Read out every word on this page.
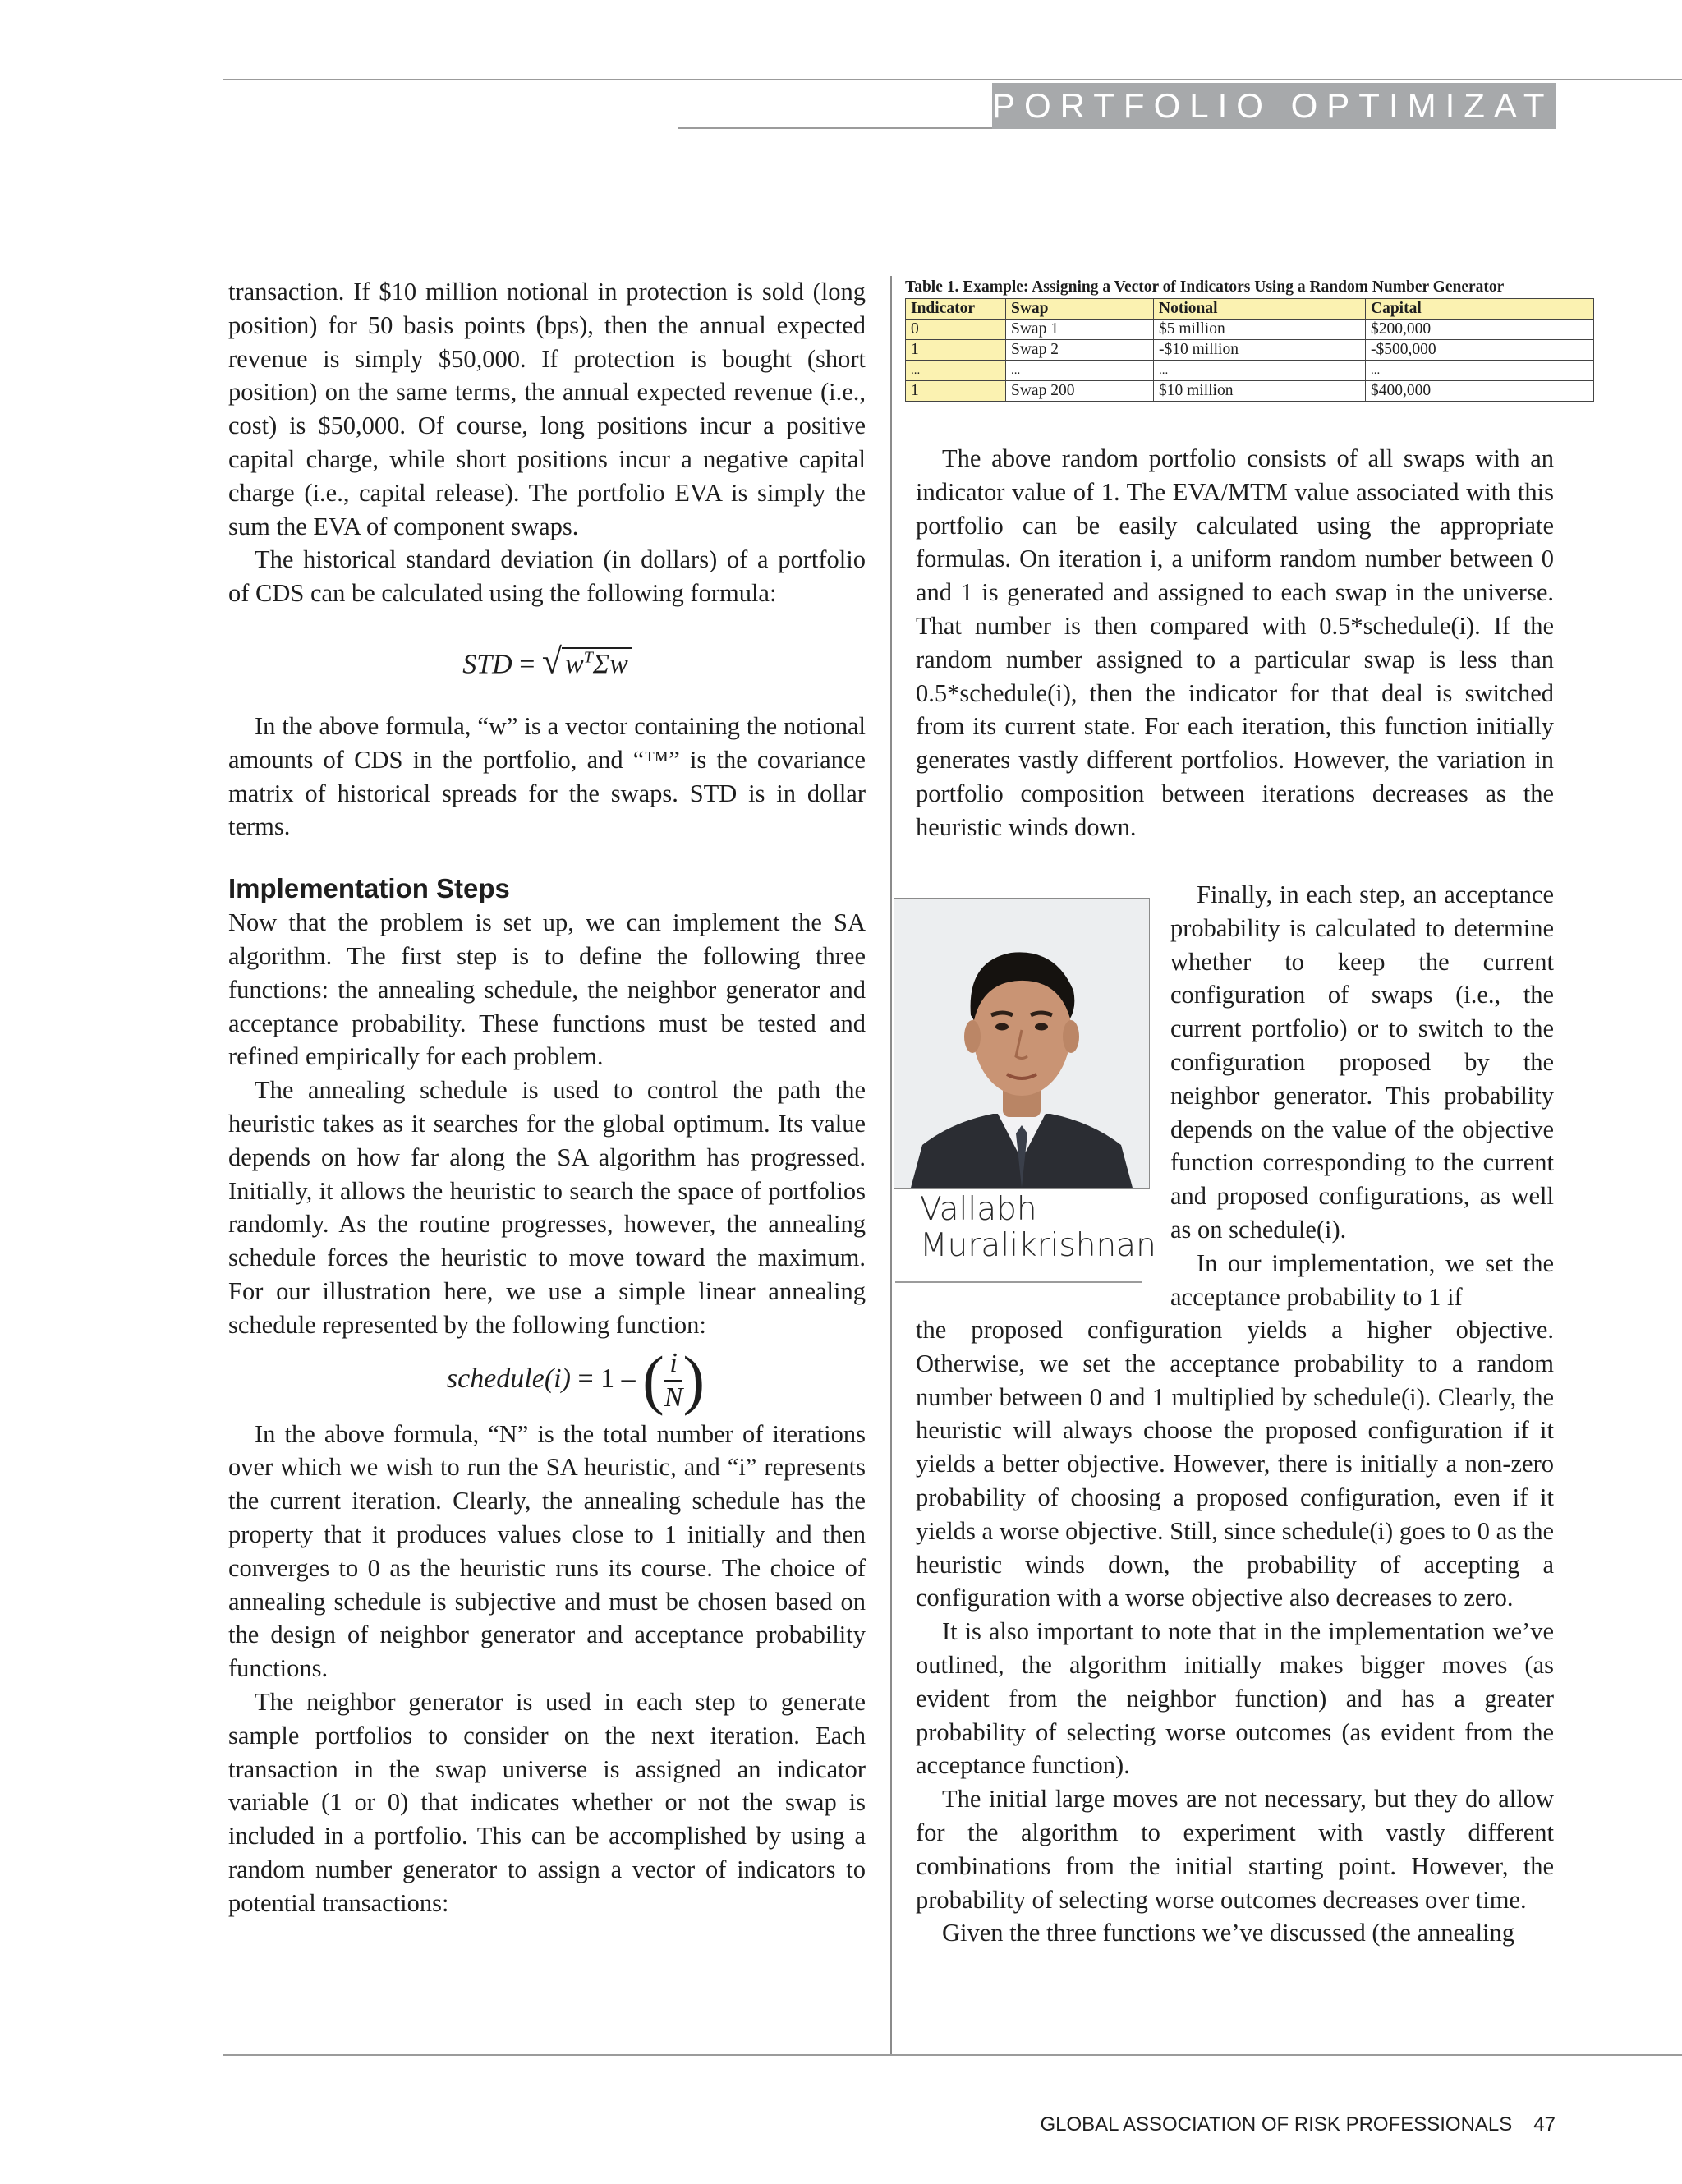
PORTFOLIO OPTIMIZATION

transaction. If $10 million notional in protection is sold (long position) for 50 basis points (bps), then the annual expected revenue is simply $50,000. If protection is bought (short position) on the same terms, the annual expected revenue (i.e., cost) is $50,000. Of course, long positions incur a positive capital charge, while short positions incur a negative capital charge (i.e., capital release). The portfolio EVA is simply the sum the EVA of component swaps.

The historical standard deviation (in dollars) of a portfolio of CDS can be calculated using the following formula:

STD = √ $w^T\Sigma w$

In the above formula, “w” is a vector containing the notional amounts of CDS in the portfolio, and “™” is the covariance matrix of historical spreads for the swaps. STD is in dollar terms.

Implementation Steps

Now that the problem is set up, we can implement the SA algorithm. The first step is to define the following three functions: the annealing schedule, the neighbor generator and acceptance probability. These functions must be tested and refined empirically for each problem.

The annealing schedule is used to control the path the heuristic takes as it searches for the global optimum. Its value depends on how far along the SA algorithm has progressed. Initially, it allows the heuristic to search the space of portfolios randomly. As the routine progresses, however, the annealing schedule forces the heuristic to move toward the maximum. For our illustration here, we use a simple linear annealing schedule represented by the following function:

schedule(i) = 1 – ( $\frac{i}{N}$ )

In the above formula, “N” is the total number of iterations over which we wish to run the SA heuristic, and “i” represents the current iteration. Clearly, the annealing schedule has the property that it produces values close to 1 initially and then converges to 0 as the heuristic runs its course. The choice of annealing schedule is subjective and must be chosen based on the design of neighbor generator and acceptance probability functions.

The neighbor generator is used in each step to generate sample portfolios to consider on the next iteration. Each transaction in the swap universe is assigned an indicator variable (1 or 0) that indicates whether or not the swap is included in a portfolio. This can be accomplished by using a random number generator to assign a vector of indicators to potential transactions:

Table 1. Example: Assigning a Vector of Indicators Using a Random Number Generator
Indicator	Swap	Notional	Capital
0	Swap 1	$5 million	$200,000
1	Swap 2	-$10 million	-$500,000
...	...	...	...
1	Swap 200	$10 million	$400,000

The above random portfolio consists of all swaps with an indicator value of 1. The EVA/MTM value associated with this portfolio can be easily calculated using the appropriate formulas. On iteration i, a uniform random number between 0 and 1 is generated and assigned to each swap in the universe. That number is then compared with 0.5*schedule(i). If the random number assigned to a particular swap is less than 0.5*schedule(i), then the indicator for that deal is switched from its current state. For each iteration, this function initially generates vastly different portfolios. However, the variation in portfolio composition between iterations decreases as the heuristic winds down.

Finally, in each step, an acceptance probability is calculated to determine whether to keep the current configuration of swaps (i.e., the current portfolio) or to switch to the configuration proposed by the neighbor generator. This probability depends on the value of the objective function corresponding to the current and proposed configurations, as well as on schedule(i).

In our implementation, we set the acceptance probability to 1 if

the proposed configuration yields a higher objective. Otherwise, we set the acceptance probability to a random number between 0 and 1 multiplied by schedule(i). Clearly, the heuristic will always choose the proposed configuration if it yields a better objective. However, there is initially a non-zero probability of choosing a proposed configuration, even if it yields a worse objective. Still, since schedule(i) goes to 0 as the heuristic winds down, the probability of accepting a configuration with a worse objective also decreases to zero.

It is also important to note that in the implementation we’ve outlined, the algorithm initially makes bigger moves (as evident from the neighbor function) and has a greater probability of selecting worse outcomes (as evident from the acceptance function).

The initial large moves are not necessary, but they do allow for the algorithm to experiment with vastly different combinations from the initial starting point. However, the probability of selecting worse outcomes decreases over time.

Given the three functions we’ve discussed (the annealing

Vallabh
Muralikrishnan
GLOBAL ASSOCIATION OF RISK PROFESSIONALS 47
